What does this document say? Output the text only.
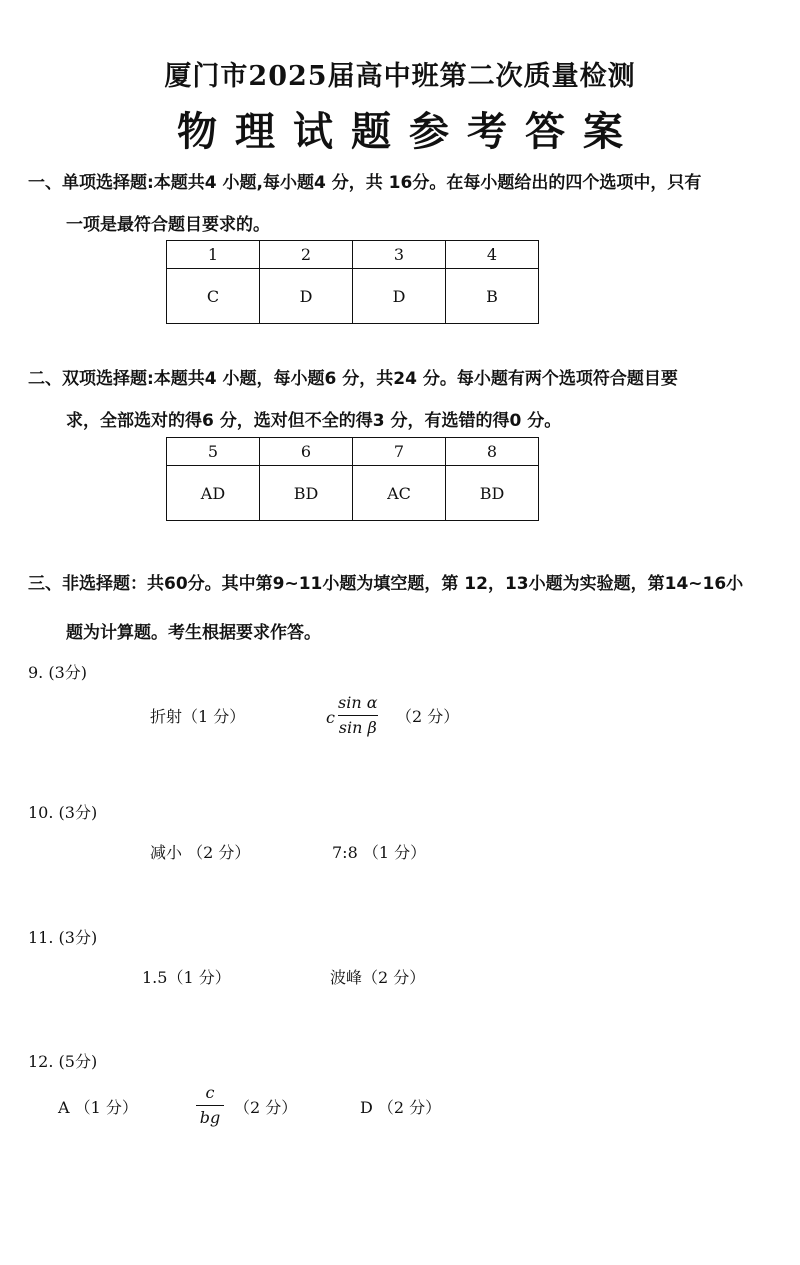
厦门市2025届高中班第二次质量检测
物理试题参考答案
一、单项选择题:本题共4 小题,每小题4 分，共 16分。在每小题给出的四个选项中，只有
一项是最符合题目要求的。
1	2	3	4
C	D	D	B
二、双项选择题:本题共4 小题，每小题6 分，共24 分。每小题有两个选项符合题目要
求，全部选对的得6 分，选对但不全的得3 分，有选错的得0 分。
5	6	7	8
AD	BD	AC	BD
三、非选择题：共60分。其中第9~11小题为填空题，第 12，13小题为实验题，第14~16小
题为计算题。考生根据要求作答。
9. (3分)
折射（1 分）	c
sin α
sin β
（2 分）
10. (3分)
减小 （2 分）	7:8 （1 分）
11. (3分)
1.5（1 分）	波峰（2 分）
12. (5分)
A （1 分）
c
bg
（2 分）	D （2 分）
